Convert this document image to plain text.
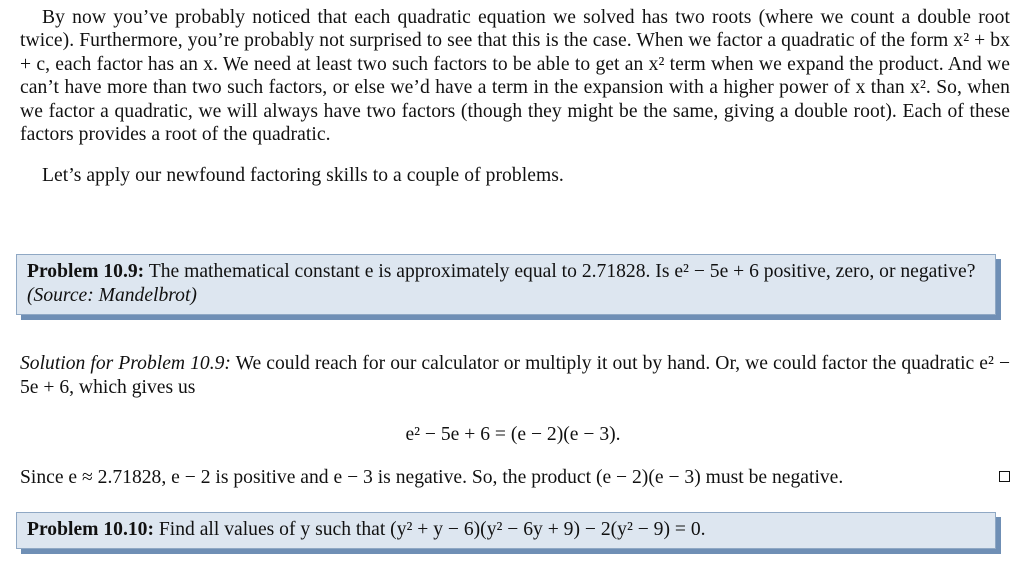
By now you’ve probably noticed that each quadratic equation we solved has two roots (where we count a double root twice). Furthermore, you’re probably not surprised to see that this is the case. When we factor a quadratic of the form x² + bx + c, each factor has an x. We need at least two such factors to be able to get an x² term when we expand the product. And we can’t have more than two such factors, or else we’d have a term in the expansion with a higher power of x than x². So, when we factor a quadratic, we will always have two factors (though they might be the same, giving a double root). Each of these factors provides a root of the quadratic.

Let’s apply our newfound factoring skills to a couple of problems.

Problem 10.9: The mathematical constant e is approximately equal to 2.71828. Is e² − 5e + 6 positive, zero, or negative? (Source: Mandelbrot)
Solution for Problem 10.9: We could reach for our calculator or multiply it out by hand. Or, we could factor the quadratic e² − 5e + 6, which gives us
e² − 5e + 6 = (e − 2)(e − 3).
Since e ≈ 2.71828, e − 2 is positive and e − 3 is negative. So, the product (e − 2)(e − 3) must be negative.
Problem 10.10: Find all values of y such that (y² + y − 6)(y² − 6y + 9) − 2(y² − 9) = 0.
